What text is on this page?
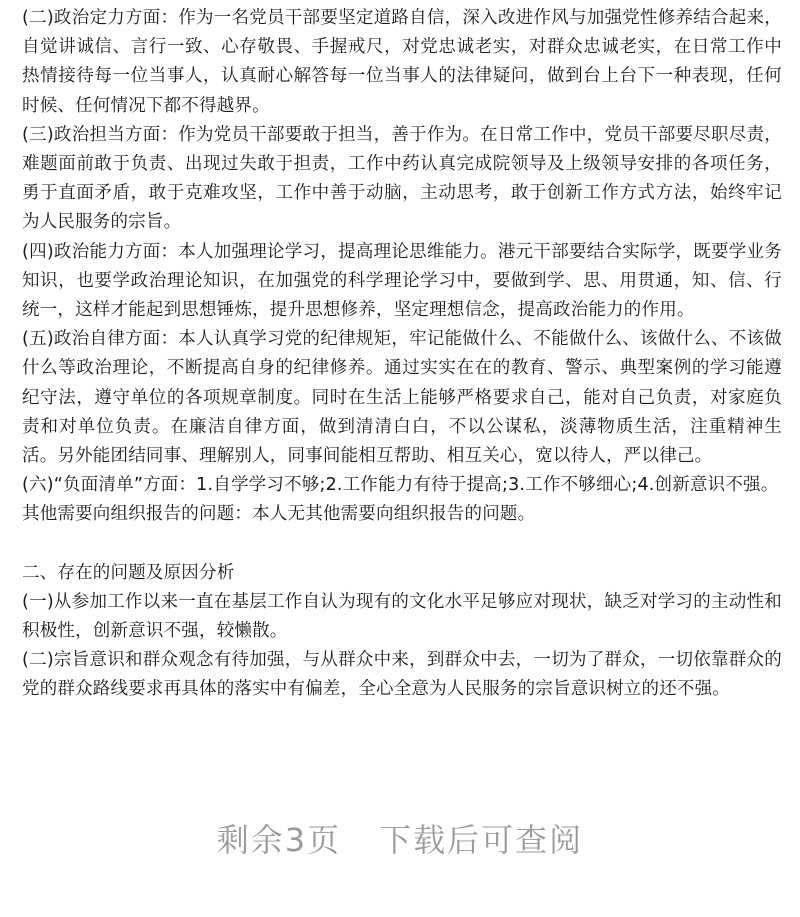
(二)政治定力方面：作为一名党员干部要坚定道路自信，深入改进作风与加强党性修养结合起来，自觉讲诚信、言行一致、心存敬畏、手握戒尺，对党忠诚老实，对群众忠诚老实，在日常工作中热情接待每一位当事人，认真耐心解答每一位当事人的法律疑问，做到台上台下一种表现，任何时候、任何情况下都不得越界。

(三)政治担当方面：作为党员干部要敢于担当，善于作为。在日常工作中，党员干部要尽职尽责，难题面前敢于负责、出现过失敢于担责，工作中药认真完成院领导及上级领导安排的各项任务，勇于直面矛盾，敢于克难攻坚，工作中善于动脑，主动思考，敢于创新工作方式方法，始终牢记为人民服务的宗旨。

(四)政治能力方面：本人加强理论学习，提高理论思维能力。港元干部要结合实际学，既要学业务知识，也要学政治理论知识，在加强党的科学理论学习中，要做到学、思、用贯通，知、信、行统一，这样才能起到思想锤炼，提升思想修养，坚定理想信念，提高政治能力的作用。

(五)政治自律方面：本人认真学习党的纪律规矩，牢记能做什么、不能做什么、该做什么、不该做什么等政治理论，不断提高自身的纪律修养。通过实实在在的教育、警示、典型案例的学习能遵纪守法，遵守单位的各项规章制度。同时在生活上能够严格要求自己，能对自己负责，对家庭负责和对单位负责。在廉洁自律方面，做到清清白白，不以公谋私，淡薄物质生活，注重精神生活。另外能团结同事、理解别人，同事间能相互帮助、相互关心，宽以待人，严以律己。

(六)“负面清单”方面：1.自学学习不够;2.工作能力有待于提高;3.工作不够细心;4.创新意识不强。

其他需要向组织报告的问题：本人无其他需要向组织报告的问题。

二、存在的问题及原因分析

(一)从参加工作以来一直在基层工作自认为现有的文化水平足够应对现状，缺乏对学习的主动性和积极性，创新意识不强，较懒散。

(二)宗旨意识和群众观念有待加强，与从群众中来，到群众中去，一切为了群众，一切依靠群众的党的群众路线要求再具体的落实中有偏差，全心全意为人民服务的宗旨意识树立的还不强。

剩余3页 下载后可查阅
